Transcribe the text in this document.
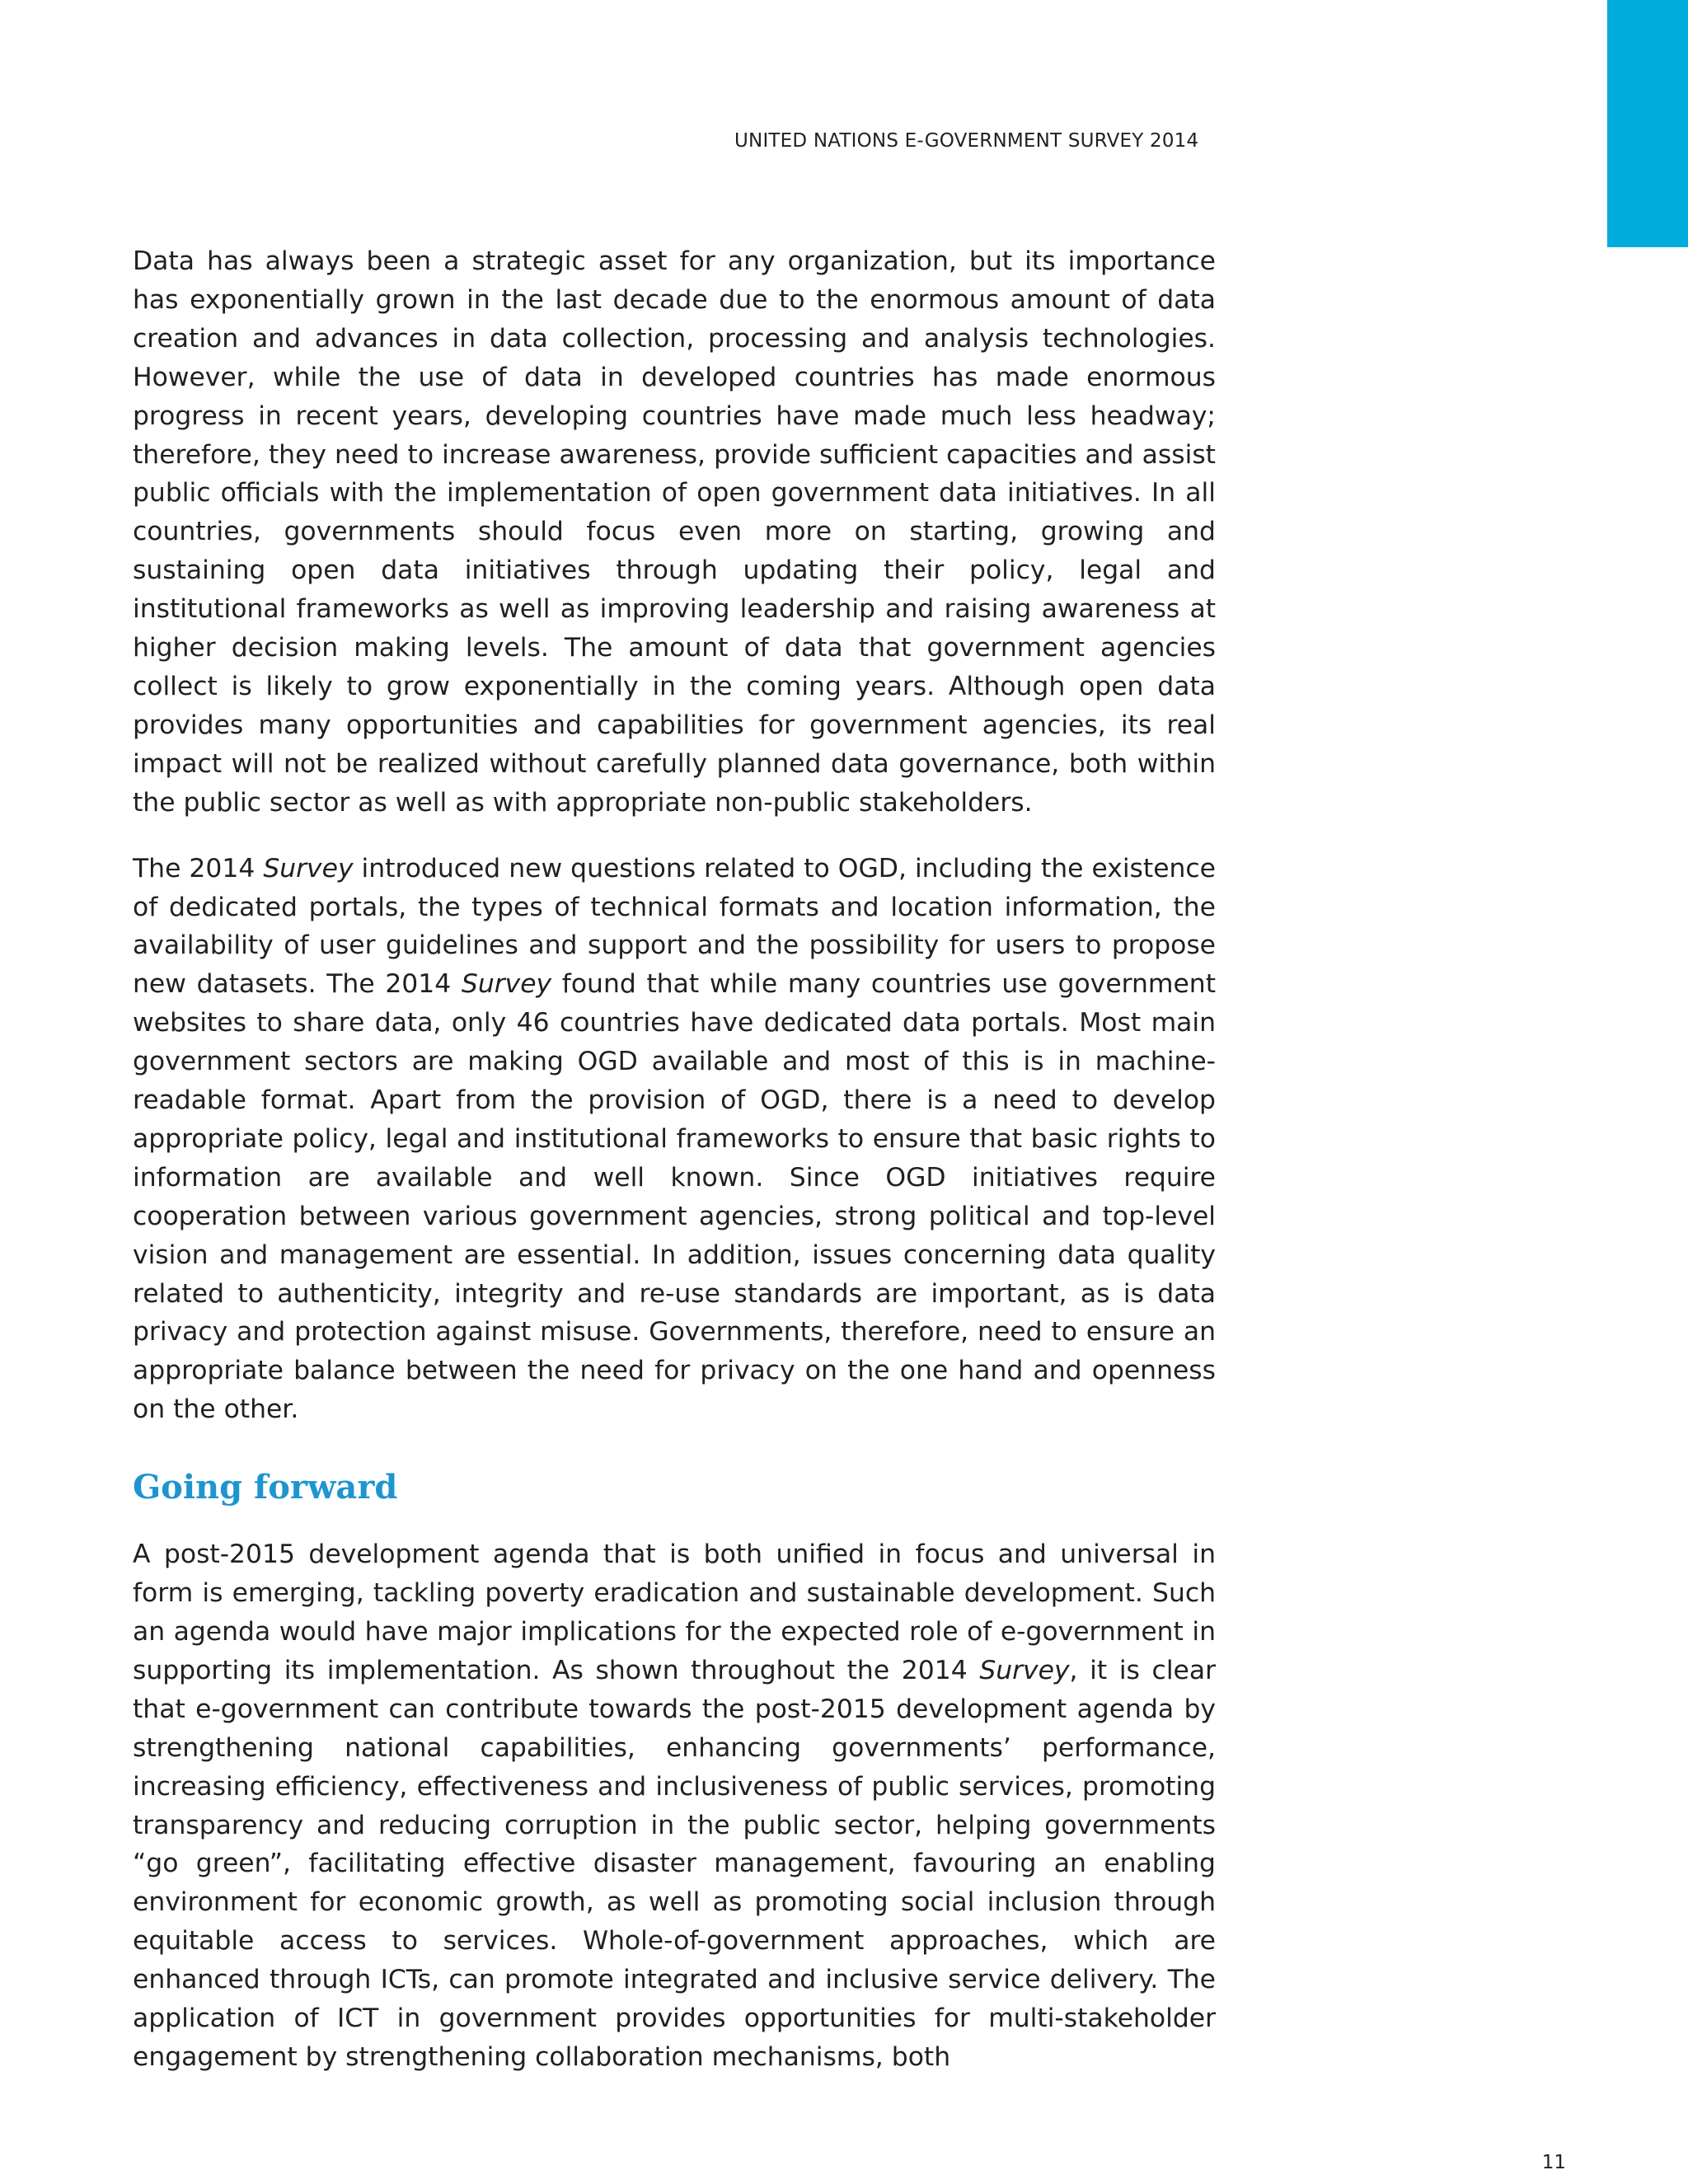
UNITED NATIONS E-GOVERNMENT SURVEY 2014

Data has always been a strategic asset for any organization, but its importance has exponentially grown in the last decade due to the enormous amount of data creation and advances in data collection, processing and analysis technologies. However, while the use of data in developed countries has made enormous progress in recent years, developing countries have made much less headway; therefore, they need to increase awareness, provide sufficient capacities and assist public officials with the implementation of open government data initiatives. In all countries, governments should focus even more on starting, growing and sustaining open data initiatives through updating their policy, legal and institutional frameworks as well as improving leadership and raising awareness at higher decision making levels. The amount of data that government agencies collect is likely to grow exponentially in the coming years. Although open data provides many opportunities and capabilities for government agencies, its real impact will not be realized without carefully planned data governance, both within the public sector as well as with appropriate non-public stakeholders.

The 2014 Survey introduced new questions related to OGD, including the existence of dedicated portals, the types of technical formats and location information, the availability of user guidelines and support and the possibility for users to propose new datasets. The 2014 Survey found that while many countries use government websites to share data, only 46 countries have dedicated data portals. Most main government sectors are making OGD available and most of this is in machine-readable format. Apart from the provision of OGD, there is a need to develop appropriate policy, legal and institutional frameworks to ensure that basic rights to information are available and well known. Since OGD initiatives require cooperation between various government agencies, strong political and top-level vision and management are essential. In addition, issues concerning data quality related to authenticity, integrity and re-use standards are important, as is data privacy and protection against misuse. Governments, therefore, need to ensure an appropriate balance between the need for privacy on the one hand and openness on the other.

Going forward

A post-2015 development agenda that is both unified in focus and universal in form is emerging, tackling poverty eradication and sustainable development. Such an agenda would have major implications for the expected role of e-government in supporting its implementation. As shown throughout the 2014 Survey, it is clear that e-government can contribute towards the post-2015 development agenda by strengthening national capabilities, enhancing governments’ performance, increasing efficiency, effectiveness and inclusiveness of public services, promoting transparency and reducing corruption in the public sector, helping governments “go green”, facilitating effective disaster management, favouring an enabling environment for economic growth, as well as promoting social inclusion through equitable access to services. Whole-of-government approaches, which are enhanced through ICTs, can promote integrated and inclusive service delivery. The application of ICT in government provides opportunities for multi-stakeholder engagement by strengthening collaboration mechanisms, both

11
